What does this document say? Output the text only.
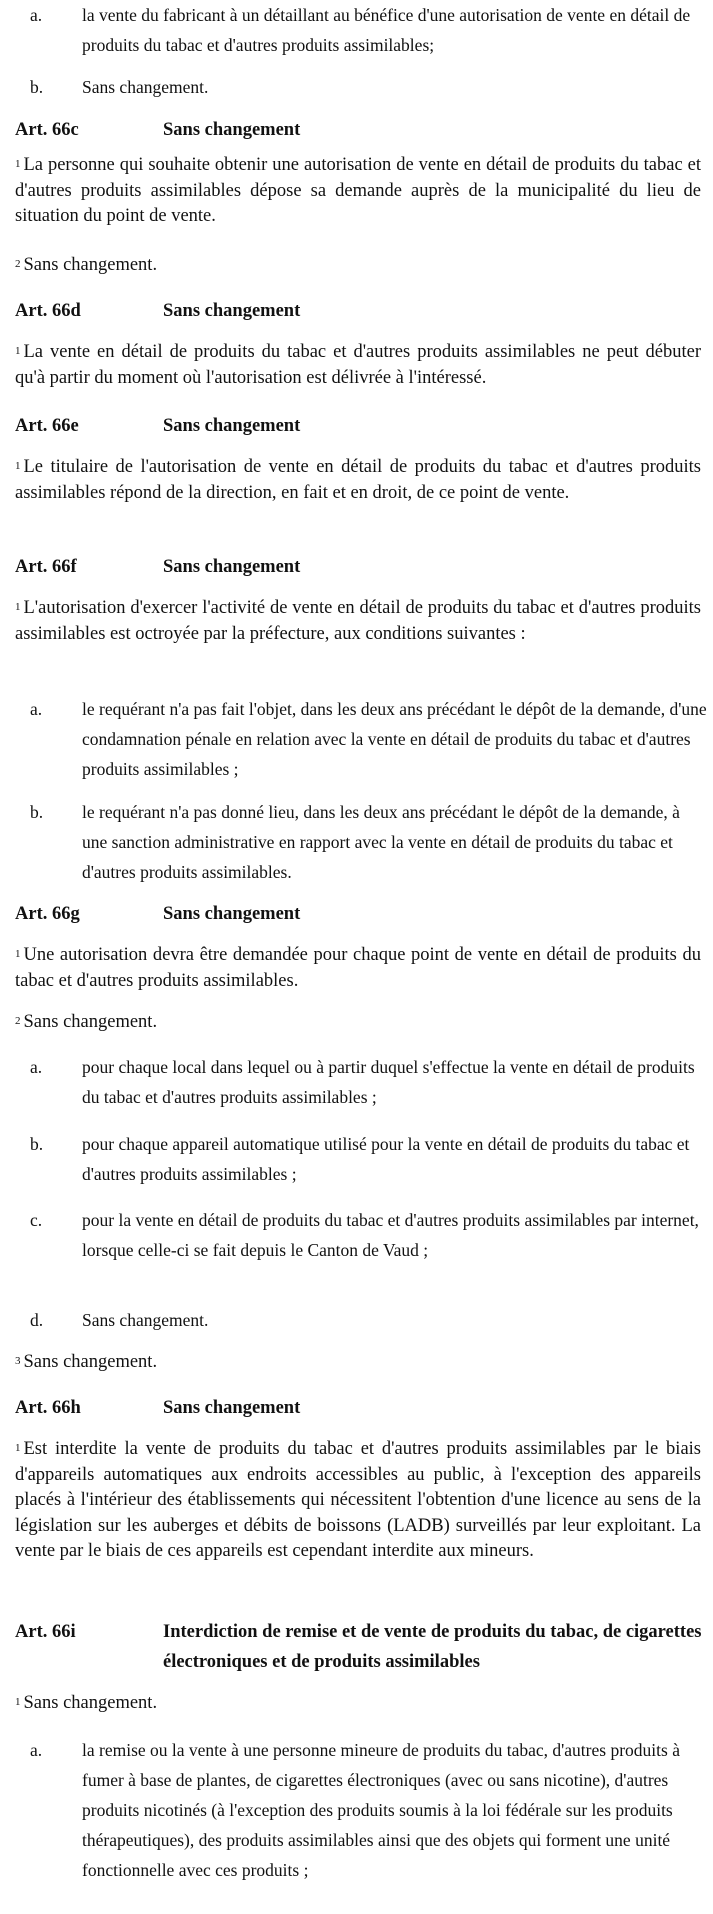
a. la vente du fabricant à un détaillant au bénéfice d'une autorisation de vente en détail de produits du tabac et d'autres produits assimilables;
b. Sans changement.
Art. 66c	Sans changement
$^1$ La personne qui souhaite obtenir une autorisation de vente en détail de produits du tabac et d'autres produits assimilables dépose sa demande auprès de la municipalité du lieu de situation du point de vente.
$^2$ Sans changement.
Art. 66d	Sans changement
$^1$ La vente en détail de produits du tabac et d'autres produits assimilables ne peut débuter qu'à partir du moment où l'autorisation est délivrée à l'intéressé.
Art. 66e	Sans changement
$^1$ Le titulaire de l'autorisation de vente en détail de produits du tabac et d'autres produits assimilables répond de la direction, en fait et en droit, de ce point de vente.
Art. 66f	Sans changement
$^1$ L'autorisation d'exercer l'activité de vente en détail de produits du tabac et d'autres produits assimilables est octroyée par la préfecture, aux conditions suivantes :
a. le requérant n'a pas fait l'objet, dans les deux ans précédant le dépôt de la demande, d'une condamnation pénale en relation avec la vente en détail de produits du tabac et d'autres produits assimilables ;
b. le requérant n'a pas donné lieu, dans les deux ans précédant le dépôt de la demande, à une sanction administrative en rapport avec la vente en détail de produits du tabac et d'autres produits assimilables.
Art. 66g	Sans changement
$^1$ Une autorisation devra être demandée pour chaque point de vente en détail de produits du tabac et d'autres produits assimilables.
$^2$ Sans changement.
a. pour chaque local dans lequel ou à partir duquel s'effectue la vente en détail de produits du tabac et d'autres produits assimilables ;
b. pour chaque appareil automatique utilisé pour la vente en détail de produits du tabac et d'autres produits assimilables ;
c. pour la vente en détail de produits du tabac et d'autres produits assimilables par internet, lorsque celle-ci se fait depuis le Canton de Vaud ;
d. Sans changement.
$^3$ Sans changement.
Art. 66h	Sans changement
$^1$ Est interdite la vente de produits du tabac et d'autres produits assimilables par le biais d'appareils automatiques aux endroits accessibles au public, à l'exception des appareils placés à l'intérieur des établissements qui nécessitent l'obtention d'une licence au sens de la législation sur les auberges et débits de boissons (LADB) surveillés par leur exploitant. La vente par le biais de ces appareils est cependant interdite aux mineurs.
Art. 66i	Interdiction de remise et de vente de produits du tabac, de cigarettes électroniques et de produits assimilables
$^1$ Sans changement.
a. la remise ou la vente à une personne mineure de produits du tabac, d'autres produits à fumer à base de plantes, de cigarettes électroniques (avec ou sans nicotine), d'autres produits nicotinés (à l'exception des produits soumis à la loi fédérale sur les produits thérapeutiques), des produits assimilables ainsi que des objets qui forment une unité fonctionnelle avec ces produits ;
